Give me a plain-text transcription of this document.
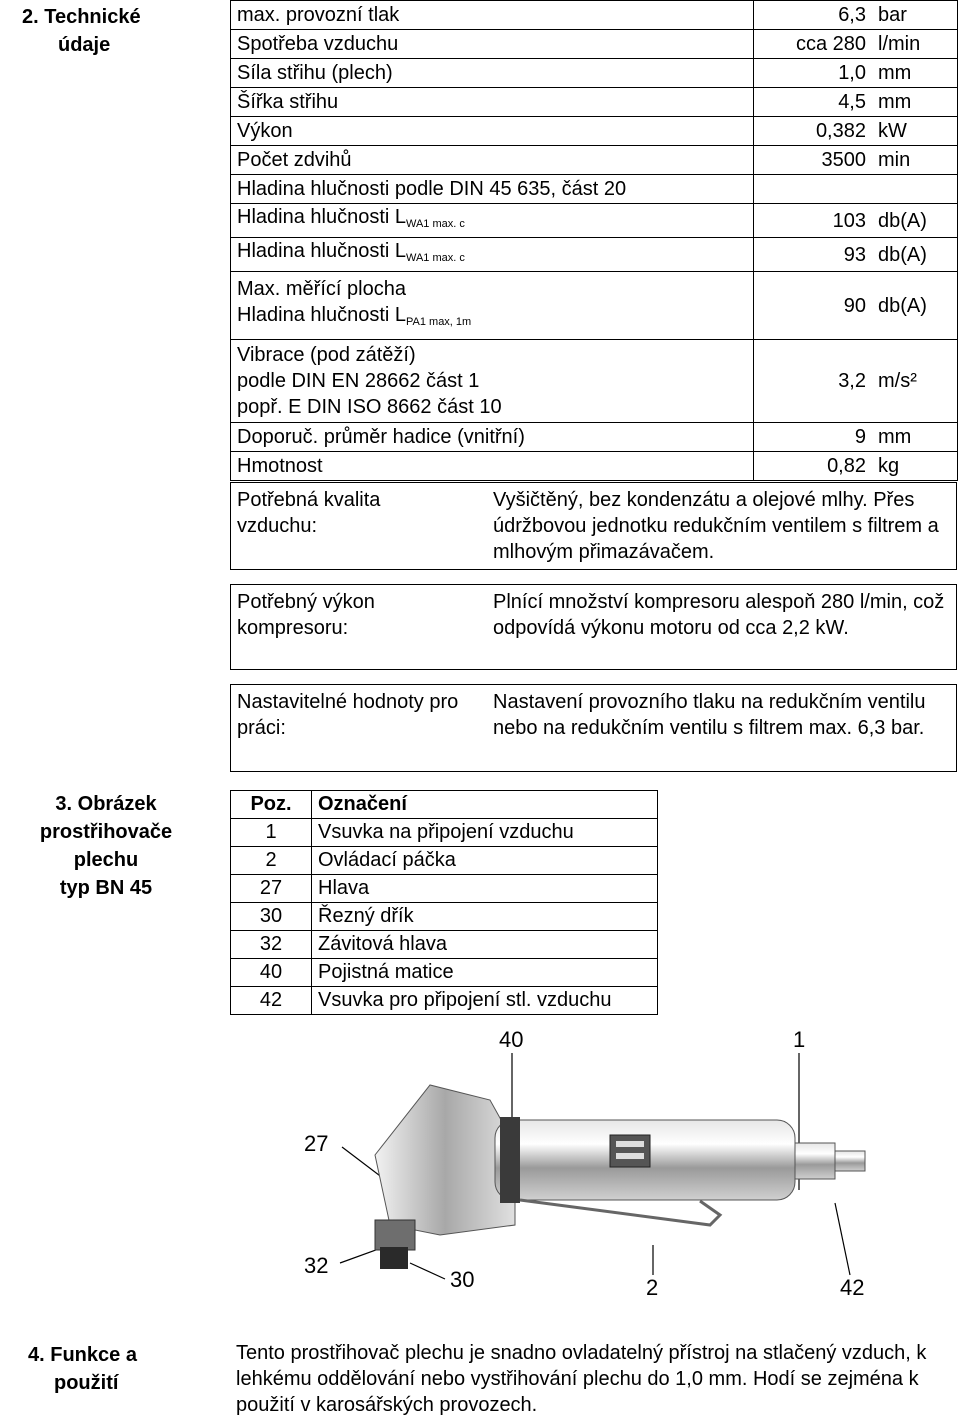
2. Technické
údaje
max. provozní tlak	6,3 bar
Spotřeba vzduchu	cca 280 l/min
Síla střihu (plech)	1,0 mm
Šířka střihu	4,5 mm
Výkon	0,382 kW
Počet zdvihů	3500 min
Hladina hlučnosti podle DIN 45 635, část 20	
Hladina hlučnosti $L_{WA1 max. c}$	103 db(A)
Hladina hlučnosti $L_{WA1 max. c}$	93 db(A)

Max. měřící plocha
Hladina hlučnosti $L_{PA1 max, 1m}$	90 db(A)

Vibrace (pod zátěží)
podle DIN EN 28662 část 1
popř. E DIN ISO 8662 část 10	3,2 m/s²
Doporuč. průměr hadice (vnitřní)	9 mm
Hmotnost	0,82 kg
Potřebná kvalita vzduchu:
Vyšičtěný, bez kondenzátu a olejové mlhy. Přes údržbovou jednotku redukčním ventilem s filtrem a mlhovým přimazávačem.
Potřebný výkon kompresoru:
Plnící množství kompresoru alespoň 280 l/min, což odpovídá výkonu motoru od cca 2,2 kW.
Nastavitelné hodnoty pro práci:
Nastavení provozního tlaku na redukčním ventilu nebo na redukčním ventilu s filtrem max. 6,3 bar.
3. Obrázek
prostřihovače
plechu
typ BN 45
Poz.	Označení
1	Vsuvka na připojení vzduchu
2	Ovládací páčka
27	Hlava
30	Řezný dřík
32	Závitová hlava
40	Pojistná matice
42	Vsuvka pro připojení stl. vzduchu
40	1
27
32
30	2	42
4. Funkce a
použití
Tento prostřihovač plechu je snadno ovladatelný přístroj na stlačený vzduch, k lehkému oddělování nebo vystřihování plechu do 1,0 mm. Hodí se zejména k použití v karosářských provozech.
